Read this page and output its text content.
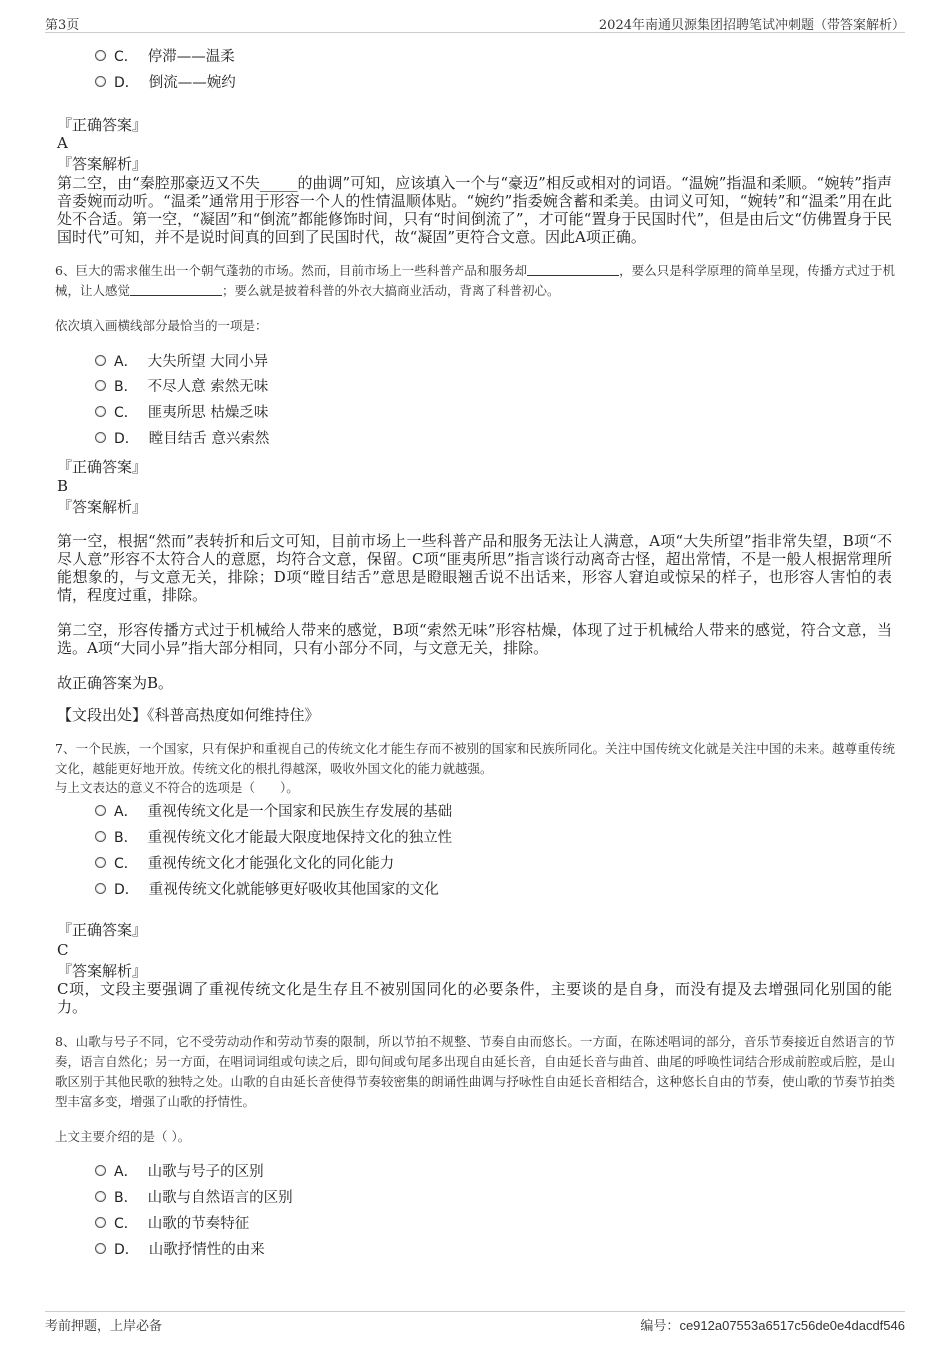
第3页	2024年南通贝源集团招聘笔试冲刺题（带答案解析）
C． 停滞——温柔
D． 倒流——婉约
『正确答案』
A
『答案解析』
第二空，由“秦腔那豪迈又不失_____的曲调”可知，应该填入一个与“豪迈”相反或相对的词语。“温婉”指温和柔顺。“婉转”指声音委婉而动听。“温柔”通常用于形容一个人的性情温顺体贴。“婉约”指委婉含蓄和柔美。由词义可知，“婉转”和“温柔”用在此处不合适。第一空，“凝固”和“倒流”都能修饰时间，只有“时间倒流了”，才可能“置身于民国时代”，但是由后文“仿佛置身于民国时代”可知，并不是说时间真的回到了民国时代，故“凝固”更符合文意。因此A项正确。
6、巨大的需求催生出一个朝气蓬勃的市场。然而，目前市场上一些科普产品和服务却	，要么只是科学原理的简单呈现，传播方式过于机械，让人感觉	；要么就是披着科普的外衣大搞商业活动，背离了科普初心。
依次填入画横线部分最恰当的一项是：
A． 大失所望 大同小异
B． 不尽人意 索然无味
C． 匪夷所思 枯燥乏味
D． 瞠目结舌 意兴索然
『正确答案』
B
『答案解析』
第一空，根据“然而”表转折和后文可知，目前市场上一些科普产品和服务无法让人满意，A项“大失所望”指非常失望，B项“不尽人意”形容不太符合人的意愿，均符合文意，保留。C项“匪夷所思”指言谈行动离奇古怪，超出常情，不是一般人根据常理所能想象的，与文意无关，排除；D项“瞠目结舌”意思是瞪眼翘舌说不出话来，形容人窘迫或惊呆的样子，也形容人害怕的表情，程度过重，排除。
第二空，形容传播方式过于机械给人带来的感觉，B项“索然无味”形容枯燥，体现了过于机械给人带来的感觉，符合文意，当选。A项“大同小异”指大部分相同，只有小部分不同，与文意无关，排除。
故正确答案为B。
【文段出处】《科普高热度如何维持住》
7、一个民族，一个国家，只有保护和重视自己的传统文化才能生存而不被别的国家和民族所同化。关注中国传统文化就是关注中国的未来。越尊重传统文化，越能更好地开放。传统文化的根扎得越深，吸收外国文化的能力就越强。
与上文表达的意义不符合的选项是（　　）。
A． 重视传统文化是一个国家和民族生存发展的基础
B． 重视传统文化才能最大限度地保持文化的独立性
C． 重视传统文化才能强化文化的同化能力
D． 重视传统文化就能够更好吸收其他国家的文化
『正确答案』
C
『答案解析』
C项，文段主要强调了重视传统文化是生存且不被别国同化的必要条件，主要谈的是自身，而没有提及去增强同化别国的能力。
8、山歌与号子不同，它不受劳动动作和劳动节奏的限制，所以节拍不规整、节奏自由而悠长。一方面，在陈述唱词的部分，音乐节奏接近自然语言的节奏，语言自然化；另一方面，在唱词词组或句读之后，即句间或句尾多出现自由延长音，自由延长音与曲首、曲尾的呼唤性词结合形成前腔或后腔，是山歌区别于其他民歌的独特之处。山歌的自由延长音使得节奏较密集的朗诵性曲调与抒咏性自由延长音相结合，这种悠长自由的节奏，使山歌的节奏节拍类型丰富多变，增强了山歌的抒情性。
上文主要介绍的是（ ）。
A． 山歌与号子的区别
B． 山歌与自然语言的区别
C． 山歌的节奏特征
D． 山歌抒情性的由来
考前押题，上岸必备	编号：ce912a07553a6517c56de0e4dacdf546
